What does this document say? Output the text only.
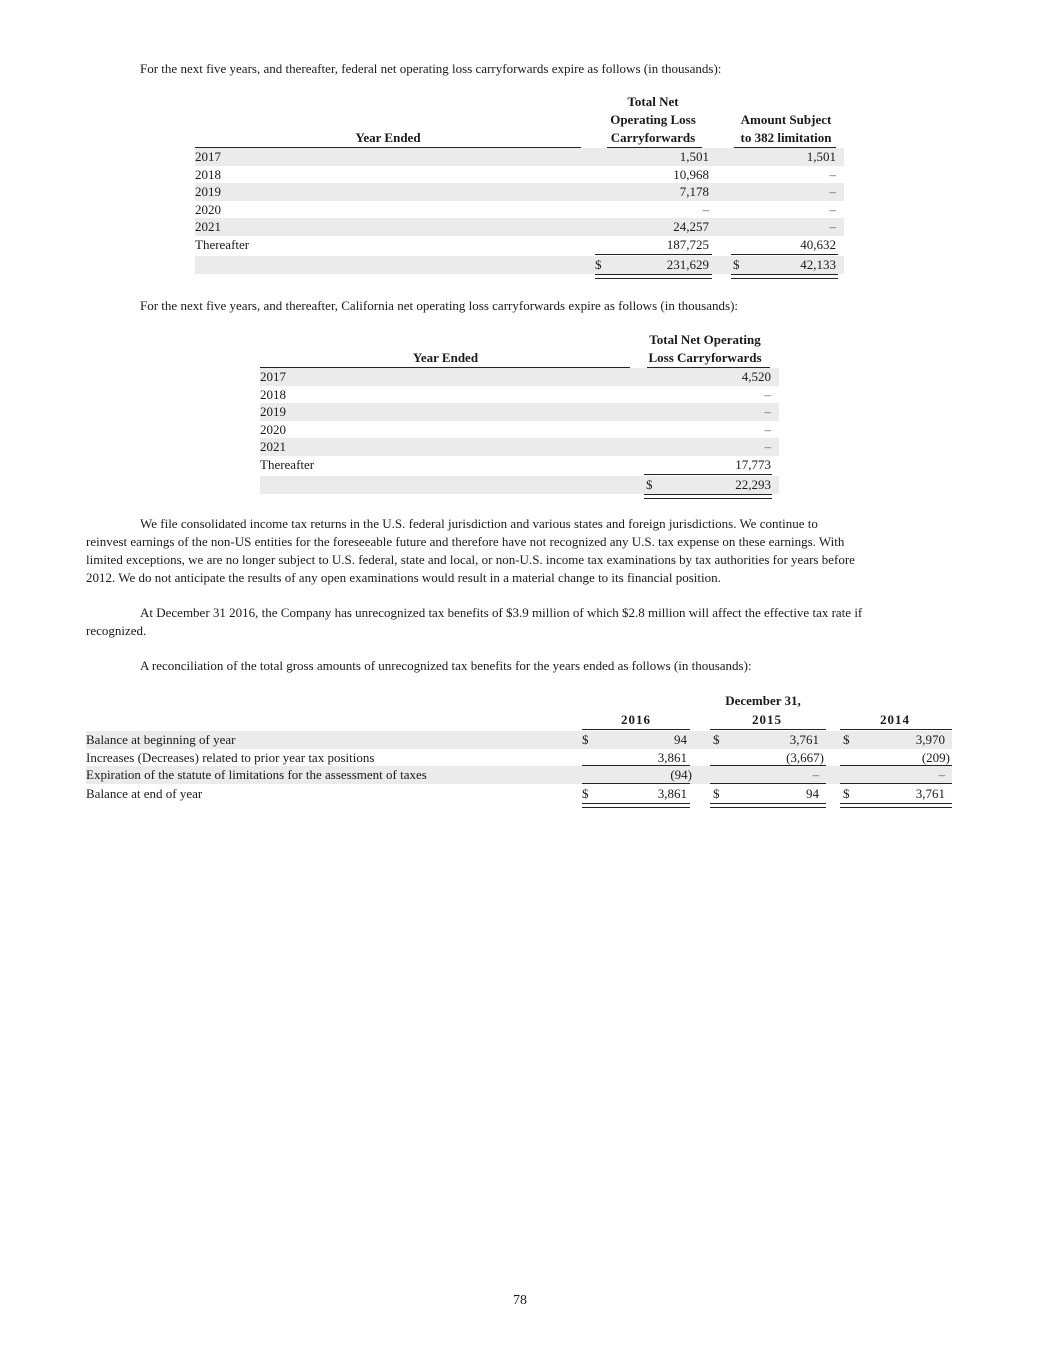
For the next five years, and thereafter, federal net operating loss carryforwards expire as follows (in thousands):
Total Net
Operating Loss	Amount Subject
Year Ended	Carryforwards	to 382 limitation
2017	1,501	1,501
2018	10,968	–
2019	7,178	–
2020	–	–
2021	24,257	–
Thereafter	187,725	40,632
$	231,629 $	42,133
For the next five years, and thereafter, California net operating loss carryforwards expire as follows (in thousands):
Total Net Operating
Year Ended	Loss Carryforwards
2017	4,520
2018	–
2019	–
2020	–
2021	–
Thereafter	17,773
$	22,293
We file consolidated income tax returns in the U.S. federal jurisdiction and various states and foreign jurisdictions. We continue to
reinvest earnings of the non-US entities for the foreseeable future and therefore have not recognized any U.S. tax expense on these earnings. With
limited exceptions, we are no longer subject to U.S. federal, state and local, or non-U.S. income tax examinations by tax authorities for years before
2012. We do not anticipate the results of any open examinations would result in a material change to its financial position.
At December 31 2016, the Company has unrecognized tax benefits of $3.9 million of which $2.8 million will affect the effective tax rate if
recognized.
A reconciliation of the total gross amounts of unrecognized tax benefits for the years ended as follows (in thousands):
December 31,
2016	2015	2014
Balance at beginning of year	$	94 $	3,761 $	3,970
Increases (Decreases) related to prior year tax positions	3,861	(3,667)	(209)
Expiration of the statute of limitations for the assessment of taxes	(94)	–	–
Balance at end of year	$	3,861 $	94 $	3,761
78
